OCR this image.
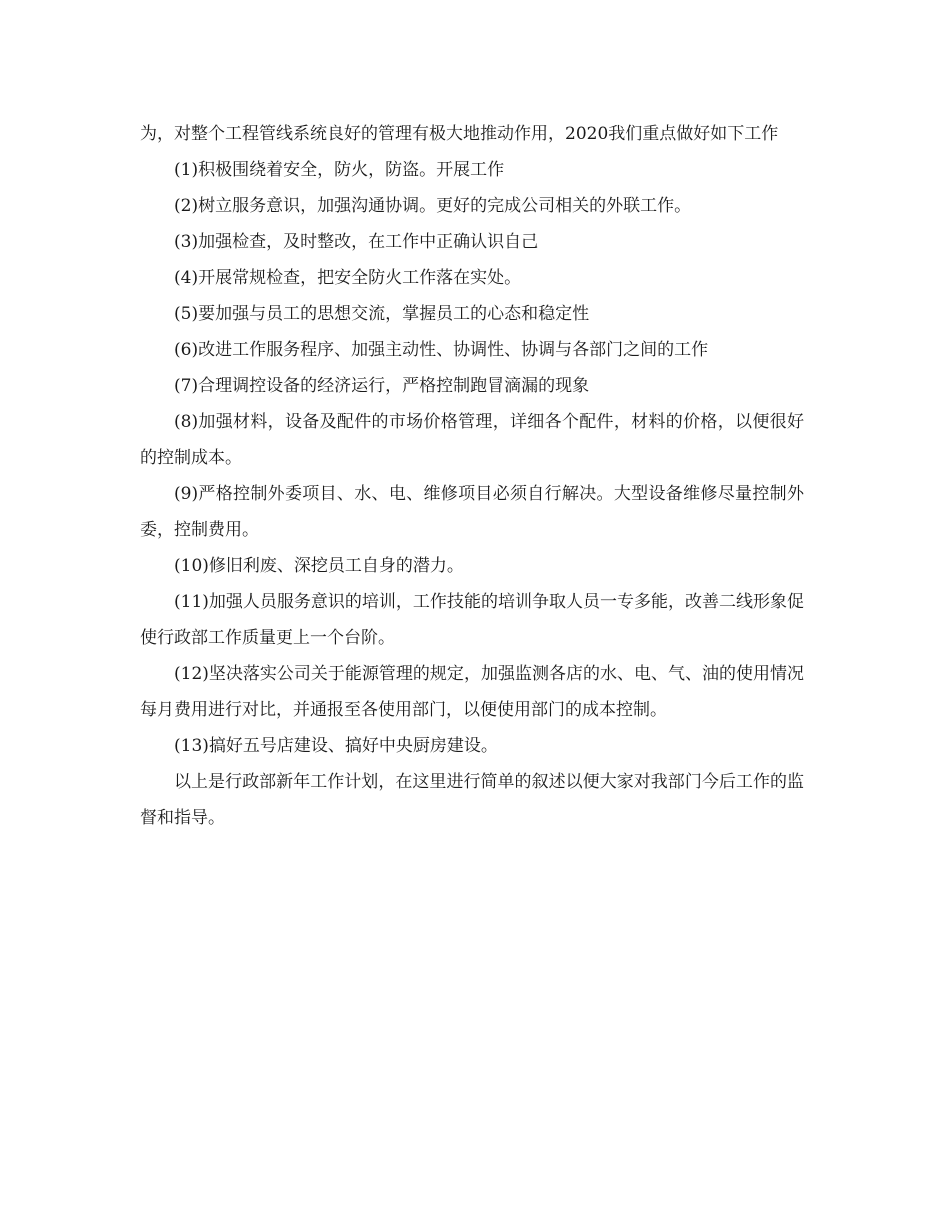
为，对整个工程管线系统良好的管理有极大地推动作用，2020我们重点做好如下工作

(1)积极围绕着安全，防火，防盗。开展工作

(2)树立服务意识，加强沟通协调。更好的完成公司相关的外联工作。

(3)加强检查，及时整改，在工作中正确认识自己

(4)开展常规检查，把安全防火工作落在实处。

(5)要加强与员工的思想交流，掌握员工的心态和稳定性

(6)改进工作服务程序、加强主动性、协调性、协调与各部门之间的工作

(7)合理调控设备的经济运行，严格控制跑冒滴漏的现象

(8)加强材料，设备及配件的市场价格管理，详细各个配件，材料的价格，以便很好的控制成本。

(9)严格控制外委项目、水、电、维修项目必须自行解决。大型设备维修尽量控制外委，控制费用。

(10)修旧利废、深挖员工自身的潜力。

(11)加强人员服务意识的培训，工作技能的培训争取人员一专多能，改善二线形象促使行政部工作质量更上一个台阶。

(12)坚决落实公司关于能源管理的规定，加强监测各店的水、电、气、油的使用情况每月费用进行对比，并通报至各使用部门，以便使用部门的成本控制。

(13)搞好五号店建设、搞好中央厨房建设。

以上是行政部新年工作计划，在这里进行简单的叙述以便大家对我部门今后工作的监督和指导。
